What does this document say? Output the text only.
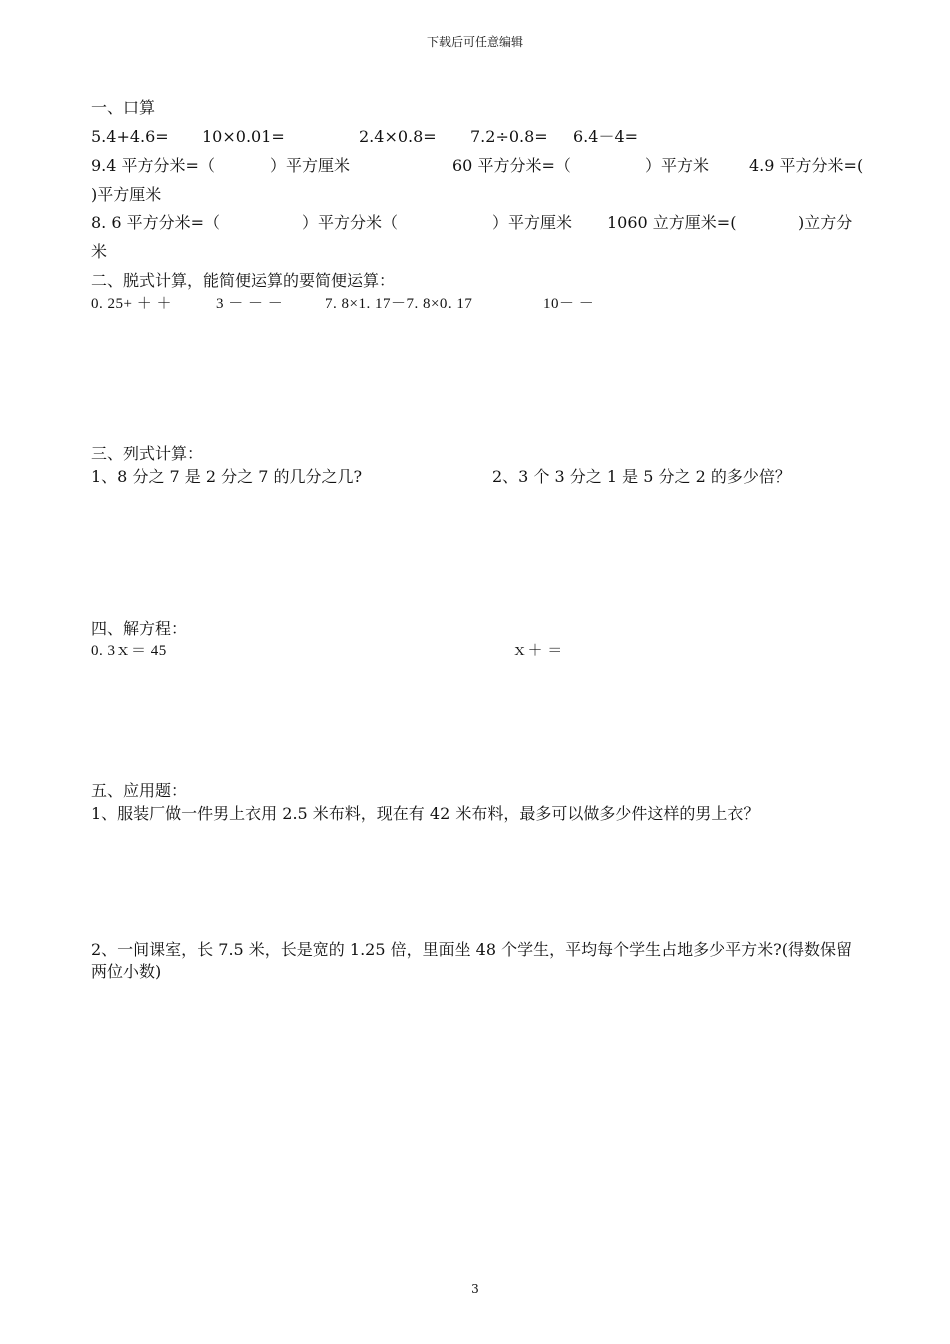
下载后可任意编辑
一、口算
5.4+4.6= 10×0.01=	2.4×0.8= 7.2÷0.8= 6.4－4=
9.4 平方分米=（	）平方厘米	60 平方分米=（	）平方米 4.9 平方分米=(
)平方厘米
8. 6 平方分米=（	）平方分米（	）平方厘米 1060 立方厘米=(	)立方分
米
二、脱式计算，能简便运算的要简便运算：
0. 25+ ＋ ＋	3 － － －	7. 8×1. 17－7. 8×0. 17	10－ －
三、列式计算：
1、8 分之 7 是 2 分之 7 的几分之几?	2、3 个 3 分之 1 是 5 分之 2 的多少倍？
四、解方程：
0. 3ｘ＝ 45	ｘ＋ ＝
五、应用题：
1、服装厂做一件男上衣用 2.5 米布料，现在有 42 米布料，最多可以做多少件这样的男上衣？
2、一间课室，长 7.5 米，长是宽的 1.25 倍，里面坐 48 个学生，平均每个学生占地多少平方米?(得数保留
两位小数)
3
